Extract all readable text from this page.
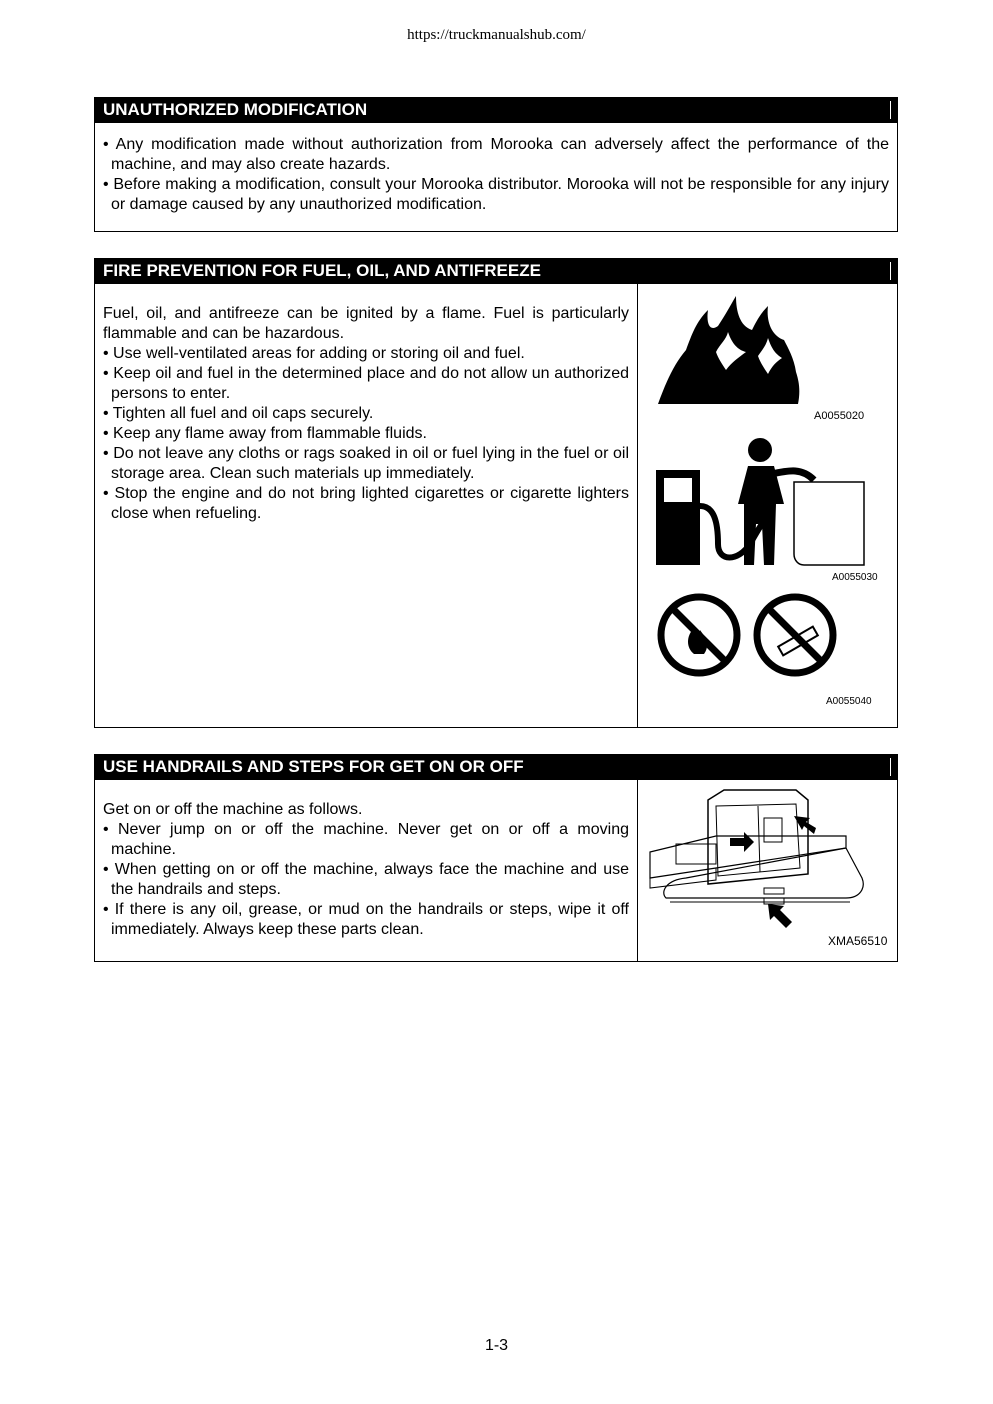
https://truckmanualshub.com/
UNAUTHORIZED MODIFICATION

• Any modification made without authorization from Morooka can adversely affect the performance of the machine, and may also create hazards.

• Before making a modification, consult your Morooka distributor. Morooka will not be responsible for any injury or damage caused by any unauthorized modification.

FIRE PREVENTION FOR FUEL, OIL, AND ANTIFREEZE

Fuel, oil, and antifreeze can be ignited by a flame. Fuel is particularly flammable and can be hazardous.

• Use well-ventilated areas for adding or storing oil and fuel.

• Keep oil and fuel in the determined place and do not allow un authorized persons to enter.

• Tighten all fuel and oil caps securely.

• Keep any flame away from flammable fluids.

• Do not leave any cloths or rags soaked in oil or fuel lying in the fuel or oil storage area. Clean such materials up immediately.

• Stop the engine and do not bring lighted cigarettes or cigarette lighters close when refueling.

A0055020
A0055030
A0055040
USE HANDRAILS AND STEPS FOR GET ON OR OFF

Get on or off the machine as follows.

• Never jump on or off the machine. Never get on or off a moving machine.

• When getting on or off the machine, always face the machine and use the handrails and steps.

• If there is any oil, grease, or mud on the handrails or steps, wipe it off immediately. Always keep these parts clean.

XMA56510
1-3
